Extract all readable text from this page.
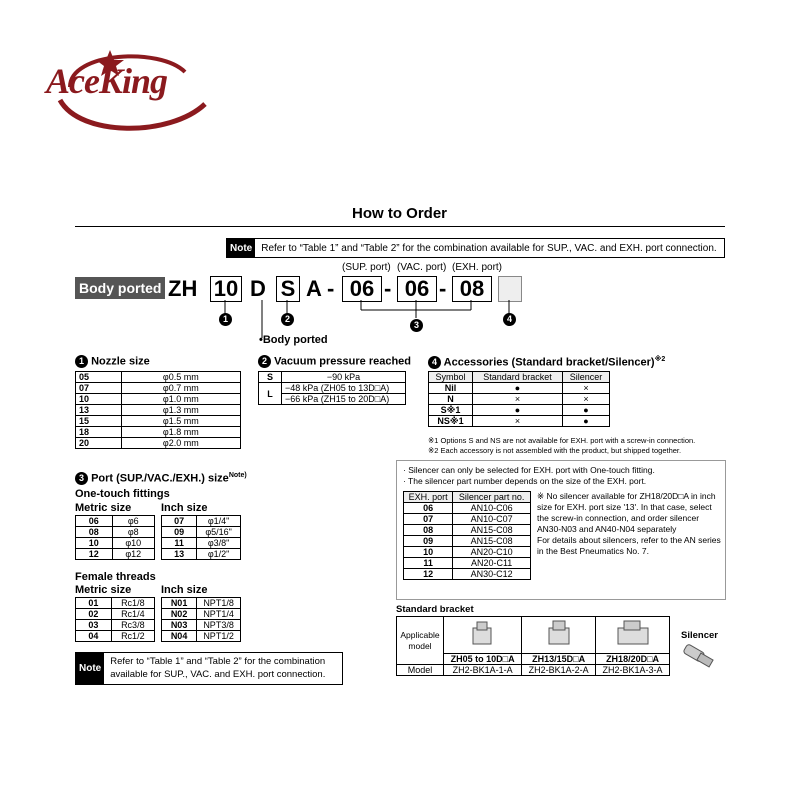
AceKing
How to Order
Note Refer to “Table 1” and “Table 2” for the combination available for SUP., VAC. and EXH. port connection.
Body ported ZH 10 D S A -
(SUP. port)
06 -
(VAC. port)
06 -
(EXH. port)
08
1	2
3
4
•Body ported
1 Nozzle size
05	φ0.5 mm
07	φ0.7 mm
10	φ1.0 mm
13	φ1.3 mm
15	φ1.5 mm
18	φ1.8 mm
20	φ2.0 mm
2 Vacuum pressure reached
S	−90 kPa
L	−48 kPa (ZH05 to 13D□A)
	−66 kPa (ZH15 to 20D□A)
4 Accessories (Standard bracket/Silencer)$^{※2}$
Symbol	Standard bracket	Silencer
Nil	●	×
N	×	×
S※1	●	●
NS※1	×	●
※1 Options S and NS are not available for EXH. port with a screw-in connection.
※2 Each accessory is not assembled with the product, but shipped together.
3 Port (SUP./VAC./EXH.) size$^{Note)}$
One-touch fittings
Metric size	Inch size
06	φ6
08	φ8
10	φ10
12	φ12
07	φ1/4"
09	φ5/16"
11	φ3/8"
13	φ1/2"
Female threads
Metric size	Inch size
01	Rc1/8
02	Rc1/4
03	Rc3/8
04	Rc1/2
N01	NPT1/8
N02	NPT1/4
N03	NPT3/8
N04	NPT1/2
Note
Refer to “Table 1” and “Table 2” for the combination available for SUP., VAC. and EXH. port connection.
· Silencer can only be selected for EXH. port with One-touch fitting.
· The silencer part number depends on the size of the EXH. port.
EXH. port	Silencer part no.
06	AN10-C06
07	AN10-C07
08	AN15-C08
09	AN15-C08
10	AN20-C10
11	AN20-C11
12	AN30-C12
※ No silencer available for ZH18/20D□A in inch size for EXH. port size '13'. In that case, select the screw-in connection, and order silencer AN30-N03 and AN40-N04 separately
For details about silencers, refer to the AN series in the Best Pneumatics No. 7.
Standard bracket
Applicable model			
	ZH05 to 10D□A	ZH13/15D□A	ZH18/20D□A
Model	ZH2-BK1A-1-A	ZH2-BK1A-2-A	ZH2-BK1A-3-A
Silencer
